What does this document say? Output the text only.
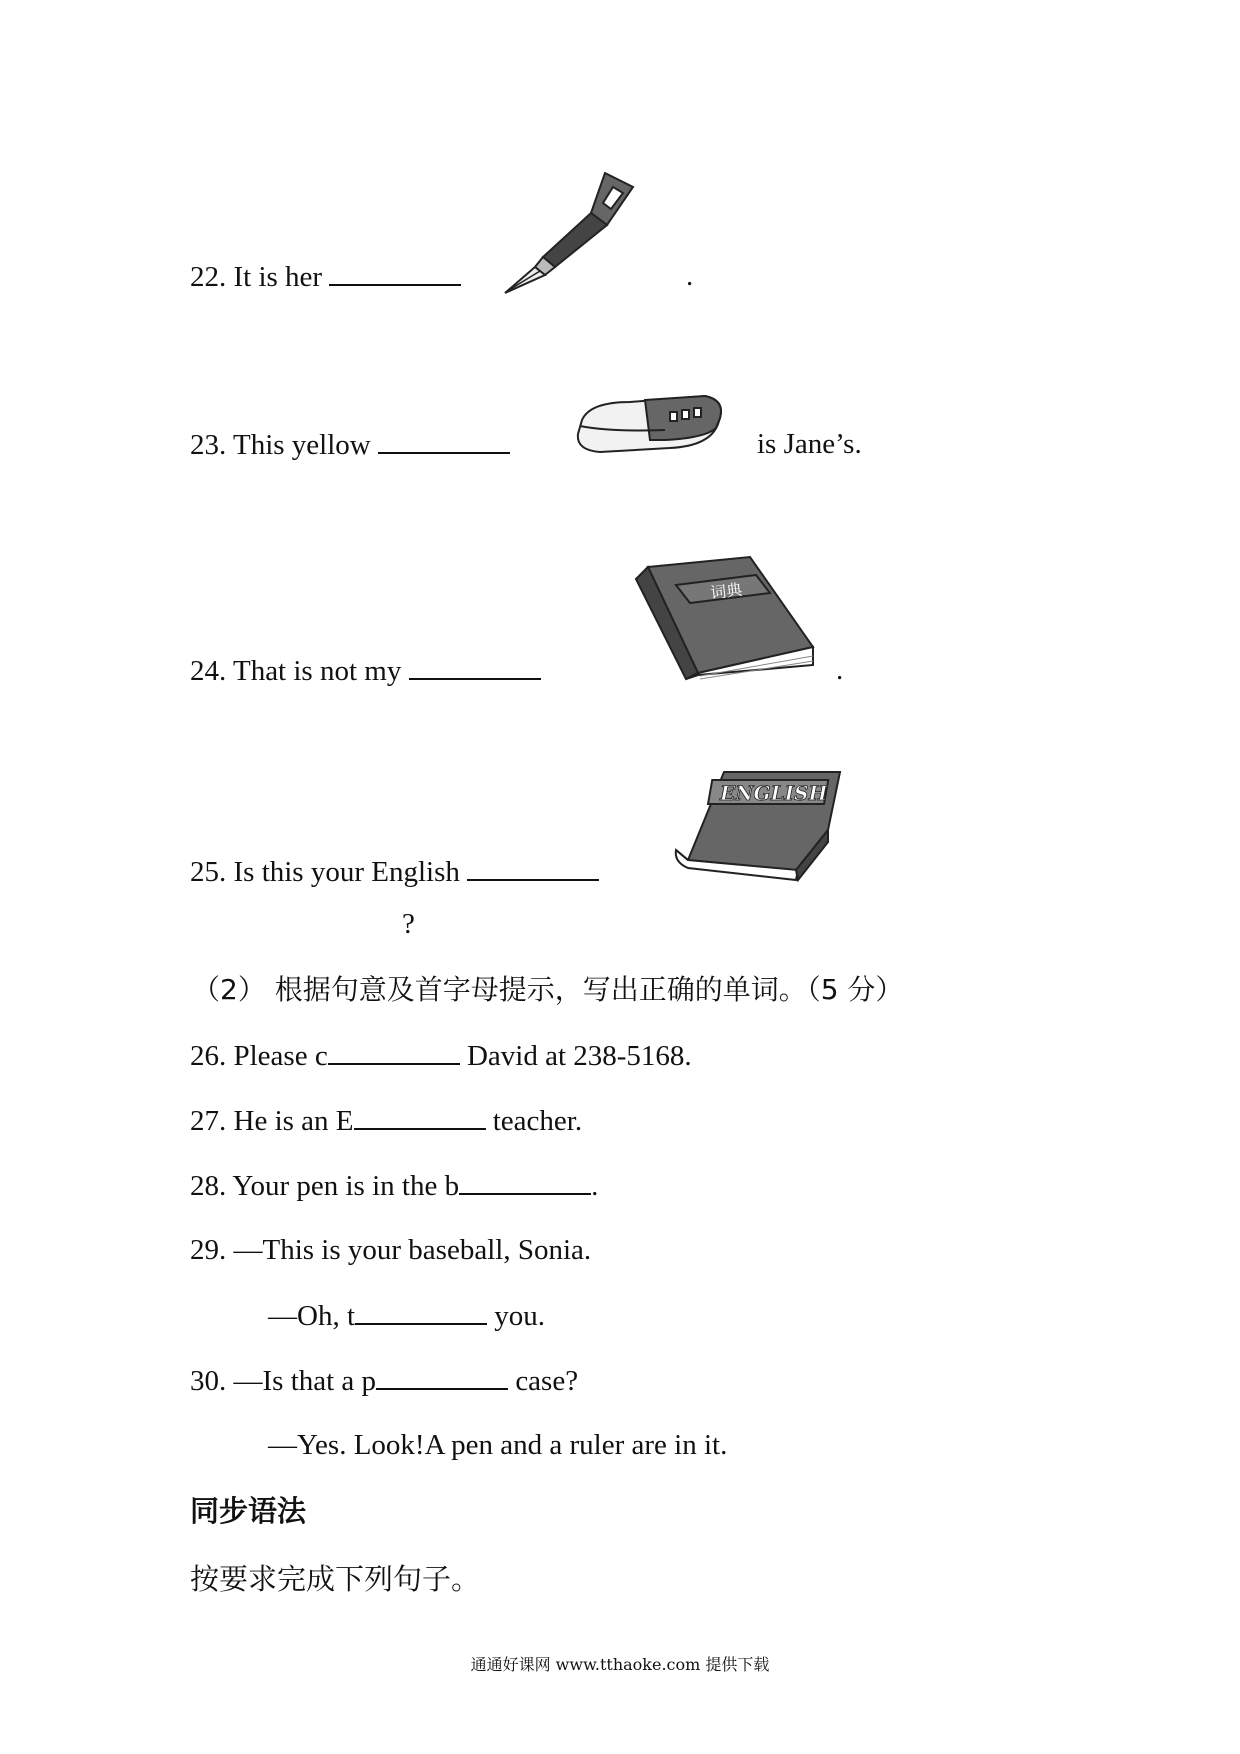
22. It is her	.
23. This yellow	is Jane’s.
24. That is not my
词典
.
25. Is this your English
ENGLISH
?
（2） 根据句意及首字母提示，写出正确的单词。（5 分）
26. Please c	David at 238-5168.
27. He is an E	teacher.
28. Your pen is in the b	.
29. —This is your baseball, Sonia.
—Oh, t	you.
30. —Is that a p	case?
—Yes. Look!A pen and a ruler are in it.
同步语法
按要求完成下列句子。
通通好课网 www.tthaoke.com 提供下载
